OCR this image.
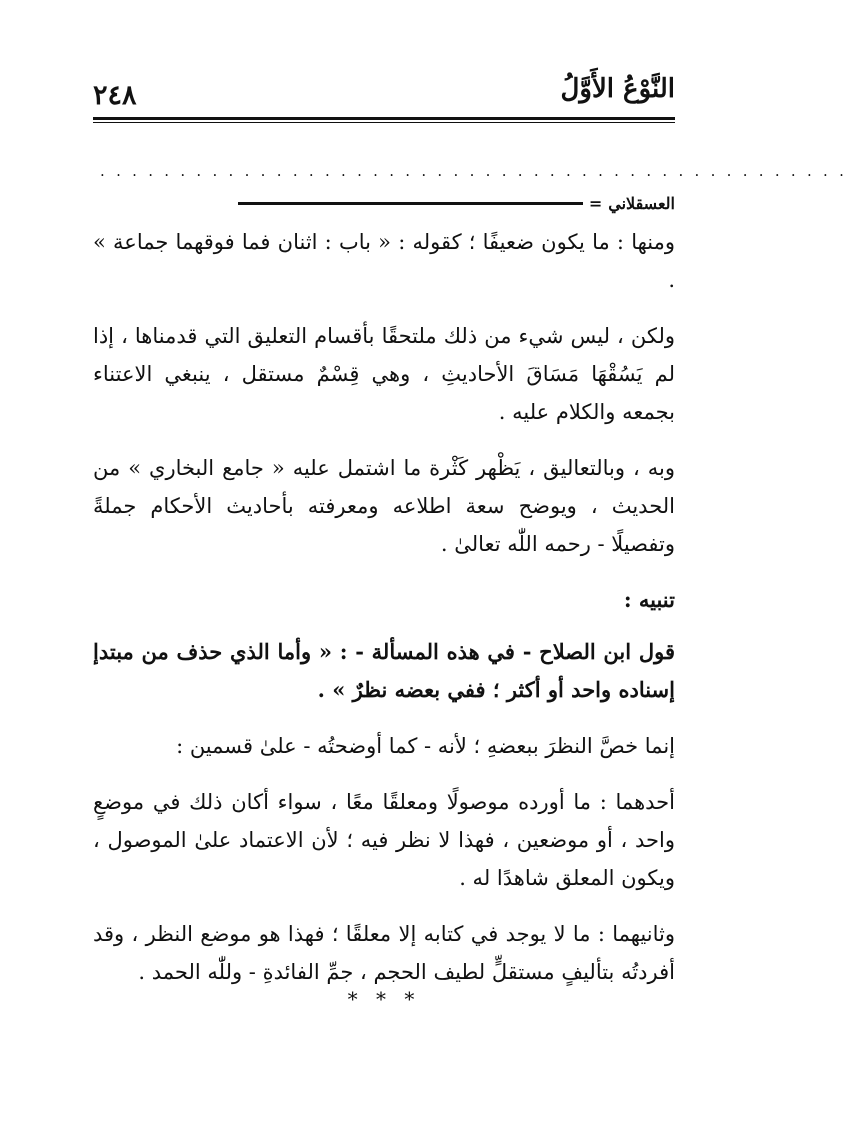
٢٤٨	النَّوْعُ الأَوَّلُ
...............................................
العسقلاني
=

ومنها : ما يكون ضعيفًا ؛ كقوله : « باب : اثنان فما فوقهما جماعة » .

ولكن ، ليس شيء من ذلك ملتحقًا بأقسام التعليق التي قدمناها ، إذا لم يَسُقْهَا مَسَاقَ الأحاديثِ ، وهي قِسْمٌ مستقل ، ينبغي الاعتناء بجمعه والكلام عليه .

وبه ، وبالتعاليق ، يَظْهر كَثْرة ما اشتمل عليه « جامع البخاري » من الحديث ، ويوضح سعة اطلاعه ومعرفته بأحاديث الأحكام جملةً وتفصيلًا - رحمه اللّٰه تعالىٰ .

تنبيه :

قول ابن الصلاح - في هذه المسألة - : « وأما الذي حذف من مبتدإ إسناده واحد أو أكثر ؛ ففي بعضه نظرٌ » .

إنما خصَّ النظرَ ببعضهِ ؛ لأنه - كما أوضحتُه - علىٰ قسمين :

أحدهما : ما أورده موصولًا ومعلقًا معًا ، سواء أكان ذلك في موضعٍ واحد ، أو موضعين ، فهذا لا نظر فيه ؛ لأن الاعتماد علىٰ الموصول ، ويكون المعلق شاهدًا له .

وثانيهما : ما لا يوجد في كتابه إلا معلقًا ؛ فهذا هو موضع النظر ، وقد أفردتُه بتأليفٍ مستقلٍّ لطيف الحجم ، جمِّ الفائدةِ - وللّٰه الحمد .

* * *
